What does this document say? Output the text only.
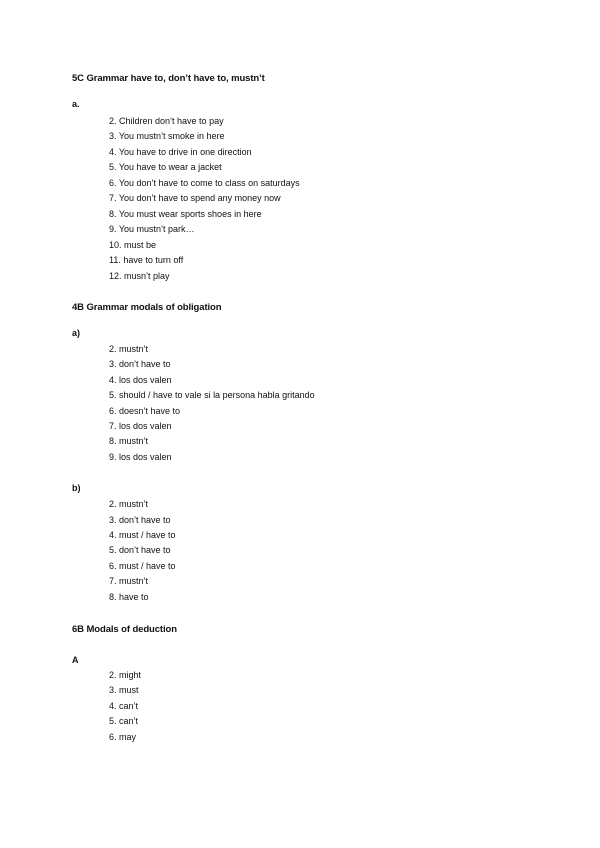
5C Grammar have to, don’t have to, mustn’t
a.
2. Children don’t have to pay
3. You mustn’t smoke in here
4. You have to drive in one direction
5. You have to wear a jacket
6. You don’t have to come to class on saturdays
7. You don’t have to spend any money now
8. You must wear sports shoes in here
9. You mustn’t park…
10. must be
11. have to turn off
12. musn’t play
4B Grammar modals of obligation
a)
2. mustn’t
3. don’t have to
4. los dos valen
5. should / have to vale si la persona habla gritando
6. doesn’t have to
7. los dos valen
8. mustn’t
9. los dos valen
b)
2. mustn’t
3. don’t have to
4. must / have to
5. don’t have to
6. must / have to
7. mustn’t
8. have to
6B Modals of deduction
A
2. might
3. must
4. can’t
5. can’t
6. may
